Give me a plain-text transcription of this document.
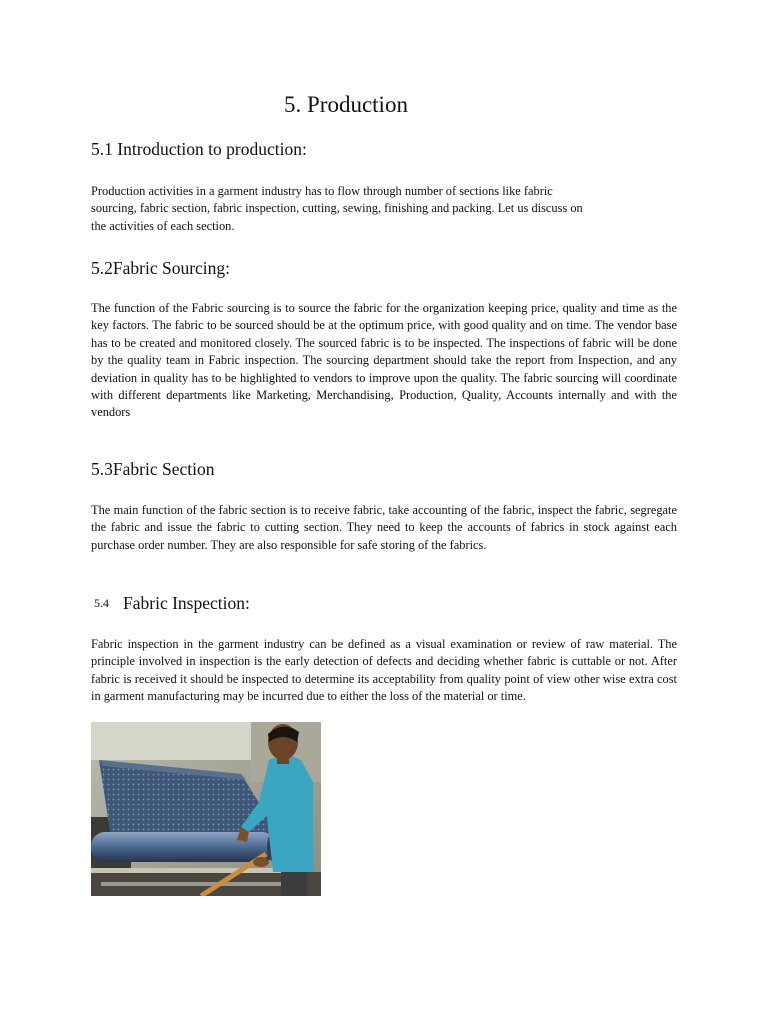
5. Production
5.1 Introduction to production:

Production activities in a garment industry has to flow through number of sections like fabric sourcing, fabric section, fabric inspection, cutting, sewing, finishing and packing. Let us discuss on the activities of each section.

5.2Fabric Sourcing:

The function of the Fabric sourcing is to source the fabric for the organization keeping price, quality and time as the key factors. The fabric to be sourced should be at the optimum price, with good quality and on time. The vendor base has to be created and monitored closely. The sourced fabric is to be inspected. The inspections of fabric will be done by the quality team in Fabric inspection. The sourcing department should take the report from Inspection, and any deviation in quality has to be highlighted to vendors to improve upon the quality. The fabric sourcing will coordinate with different departments like Marketing, Merchandising, Production, Quality, Accounts internally and with the vendors

5.3Fabric Section

The main function of the fabric section is to receive fabric, take accounting of the fabric, inspect the fabric, segregate the fabric and issue the fabric to cutting section. They need to keep the accounts of fabrics in stock against each purchase order number. They are also responsible for safe storing of the fabrics.

5.4 Fabric Inspection:

Fabric inspection in the garment industry can be defined as a visual examination or review of raw material. The principle involved in inspection is the early detection of defects and deciding whether fabric is cuttable or not. After fabric is received it should be inspected to determine its acceptability from quality point of view other wise extra cost in garment manufacturing may be incurred due to either the loss of the material or time.
